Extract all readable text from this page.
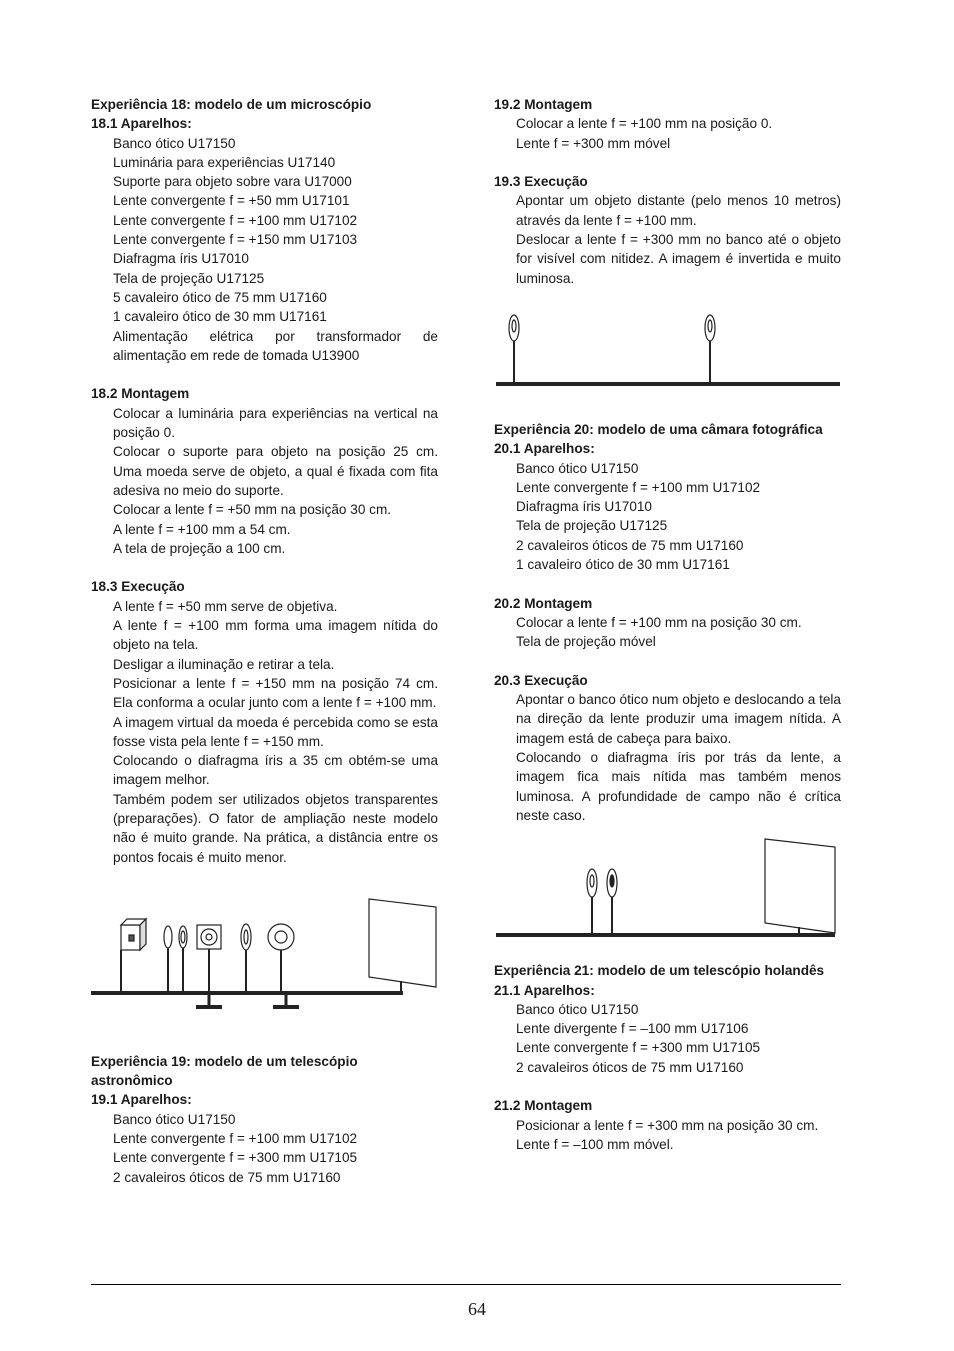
Experiência 18: modelo de um microscópio

18.1 Aparelhos:

Banco ótico U17150

Luminária para experiências U17140

Suporte para objeto sobre vara U17000

Lente convergente f = +50 mm U17101

Lente convergente f = +100 mm U17102

Lente convergente f = +150 mm U17103

Diafragma íris U17010

Tela de projeção U17125

5 cavaleiro ótico de 75 mm U17160

1 cavaleiro ótico de 30 mm U17161

Alimentação elétrica por transformador de alimentação em rede de tomada U13900

18.2 Montagem

Colocar a luminária para experiências na vertical na posição 0.

Colocar o suporte para objeto na posição 25 cm. Uma moeda serve de objeto, a qual é fixada com fita adesiva no meio do suporte.

Colocar a lente f = +50 mm na posição 30 cm.

A lente f = +100 mm a 54 cm.

A tela de projeção a 100 cm.

18.3 Execução

A lente f = +50 mm serve de objetiva.

A lente f = +100 mm forma uma imagem nítida do objeto na tela.

Desligar a iluminação e retirar a tela.

Posicionar a lente f = +150 mm na posição 74 cm. Ela conforma a ocular junto com a lente f = +100 mm.

A imagem virtual da moeda é percebida como se esta fosse vista pela lente f = +150 mm.

Colocando o diafragma íris a 35 cm obtém-se uma imagem melhor.

Também podem ser utilizados objetos transparentes (preparações). O fator de ampliação neste modelo não é muito grande. Na prática, a distância entre os pontos focais é muito menor.

Experiência 19: modelo de um telescópio astronômico

19.1 Aparelhos:

Banco ótico U17150

Lente convergente f = +100 mm U17102

Lente convergente f = +300 mm U17105

2 cavaleiros óticos de 75 mm U17160

19.2 Montagem

Colocar a lente f = +100 mm na posição 0.

Lente f = +300 mm móvel

19.3 Execução

Apontar um objeto distante (pelo menos 10 metros) através da lente f = +100 mm.

Deslocar a lente f = +300 mm no banco até o objeto for visível com nitidez. A imagem é invertida e muito luminosa.

Experiência 20: modelo de uma câmara fotográfica

20.1 Aparelhos:

Banco ótico U17150

Lente convergente f = +100 mm U17102

Diafragma íris U17010

Tela de projeção U17125

2 cavaleiros óticos de 75 mm U17160

1 cavaleiro ótico de 30 mm U17161

20.2 Montagem

Colocar a lente f = +100 mm na posição 30 cm.

Tela de projeção móvel

20.3 Execução

Apontar o banco ótico num objeto e deslocando a tela na direção da lente produzir uma imagem nítida. A imagem está de cabeça para baixo.

Colocando o diafragma íris por trás da lente, a imagem fica mais nítida mas também menos luminosa. A profundidade de campo não é crítica neste caso.

Experiência 21: modelo de um telescópio holandês

21.1 Aparelhos:

Banco ótico U17150

Lente divergente f = –100 mm U17106

Lente convergente f = +300 mm U17105

2 cavaleiros óticos de 75 mm U17160

21.2 Montagem

Posicionar a lente f = +300 mm na posição 30 cm.

Lente f = –100 mm móvel.

64
